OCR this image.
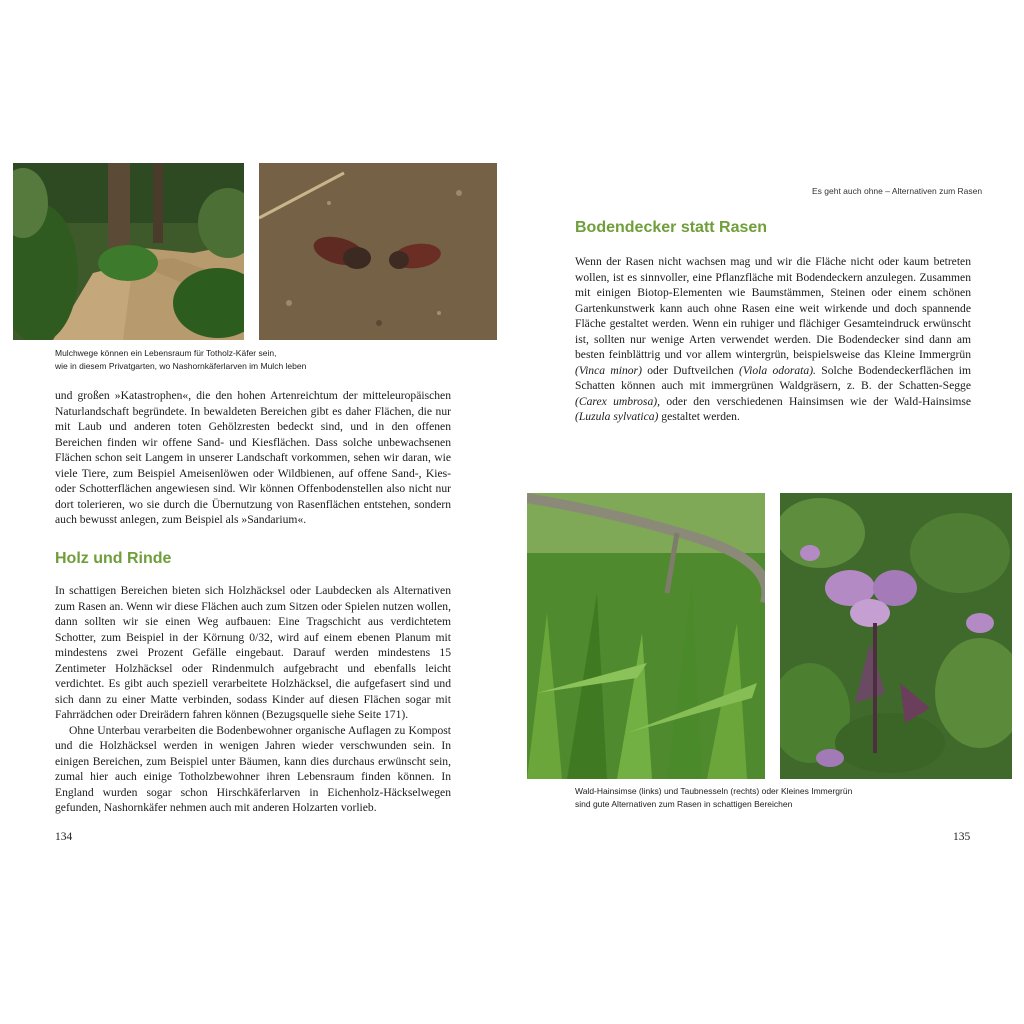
Mulchwege können ein Lebensraum für Totholz-Käfer sein,
wie in diesem Privatgarten, wo Nashornkäferlarven im Mulch leben

und großen »Katastrophen«, die den hohen Artenreichtum der mitteleuropäischen Naturlandschaft begründete. In bewaldeten Bereichen gibt es daher Flächen, die nur mit Laub und anderen toten Gehölzresten bedeckt sind, und in den offenen Bereichen finden wir offene Sand- und Kiesflächen. Dass solche unbewachsenen Flächen schon seit Langem in unserer Landschaft vorkommen, sehen wir daran, wie viele Tiere, zum Beispiel Ameisenlöwen oder Wildbienen, auf offene Sand-, Kies- oder Schotterflächen angewiesen sind. Wir können Offenbodenstellen also nicht nur dort tolerieren, wo sie durch die Übernutzung von Rasenflächen entstehen, sondern auch bewusst anlegen, zum Beispiel als »Sandarium«.

Holz und Rinde

In schattigen Bereichen bieten sich Holzhäcksel oder Laubdecken als Alternativen zum Rasen an. Wenn wir diese Flächen auch zum Sitzen oder Spielen nutzen wollen, dann sollten wir sie einen Weg aufbauen: Eine Tragschicht aus verdichtetem Schotter, zum Beispiel in der Körnung 0/32, wird auf einem ebenen Planum mit mindestens zwei Prozent Gefälle eingebaut. Darauf werden mindestens 15 Zentimeter Holzhäcksel oder Rindenmulch aufgebracht und ebenfalls leicht verdichtet. Es gibt auch speziell verarbeitete Holzhäcksel, die aufgefasert sind und sich dann zu einer Matte verbinden, sodass Kinder auf diesen Flächen sogar mit Fahrrädchen oder Dreirädern fahren können (Bezugsquelle siehe Seite 171).

Ohne Unterbau verarbeiten die Bodenbewohner organische Auflagen zu Kompost und die Holzhäcksel werden in wenigen Jahren wieder verschwunden sein. In einigen Bereichen, zum Beispiel unter Bäumen, kann dies durchaus erwünscht sein, zumal hier auch einige Totholzbewohner ihren Lebensraum finden können. In England wurden sogar schon Hirschkäferlarven in Eichenholz-Häckselwegen gefunden, Nashornkäfer nehmen auch mit anderen Holzarten vorlieb.

134
Es geht auch ohne – Alternativen zum Rasen
Bodendecker statt Rasen

Wenn der Rasen nicht wachsen mag und wir die Fläche nicht oder kaum betreten wollen, ist es sinnvoller, eine Pflanzfläche mit Bodendeckern anzulegen. Zusammen mit einigen Biotop-Elementen wie Baumstämmen, Steinen oder einem schönen Gartenkunstwerk kann auch ohne Rasen eine weit wirkende und doch spannende Fläche gestaltet werden. Wenn ein ruhiger und flächiger Gesamteindruck erwünscht ist, sollten nur wenige Arten verwendet werden. Die Bodendecker sind dann am besten feinblättrig und vor allem wintergrün, beispielsweise das Kleine Immergrün (Vinca minor) oder Duftveilchen (Viola odorata). Solche Bodendeckerflächen im Schatten können auch mit immergrünen Waldgräsern, z. B. der Schatten-Segge (Carex umbrosa), oder den verschiedenen Hainsimsen wie der Wald-Hainsimse (Luzula sylvatica) gestaltet werden.

Wald-Hainsimse (links) und Taubnesseln (rechts) oder Kleines Immergrün
sind gute Alternativen zum Rasen in schattigen Bereichen
135
